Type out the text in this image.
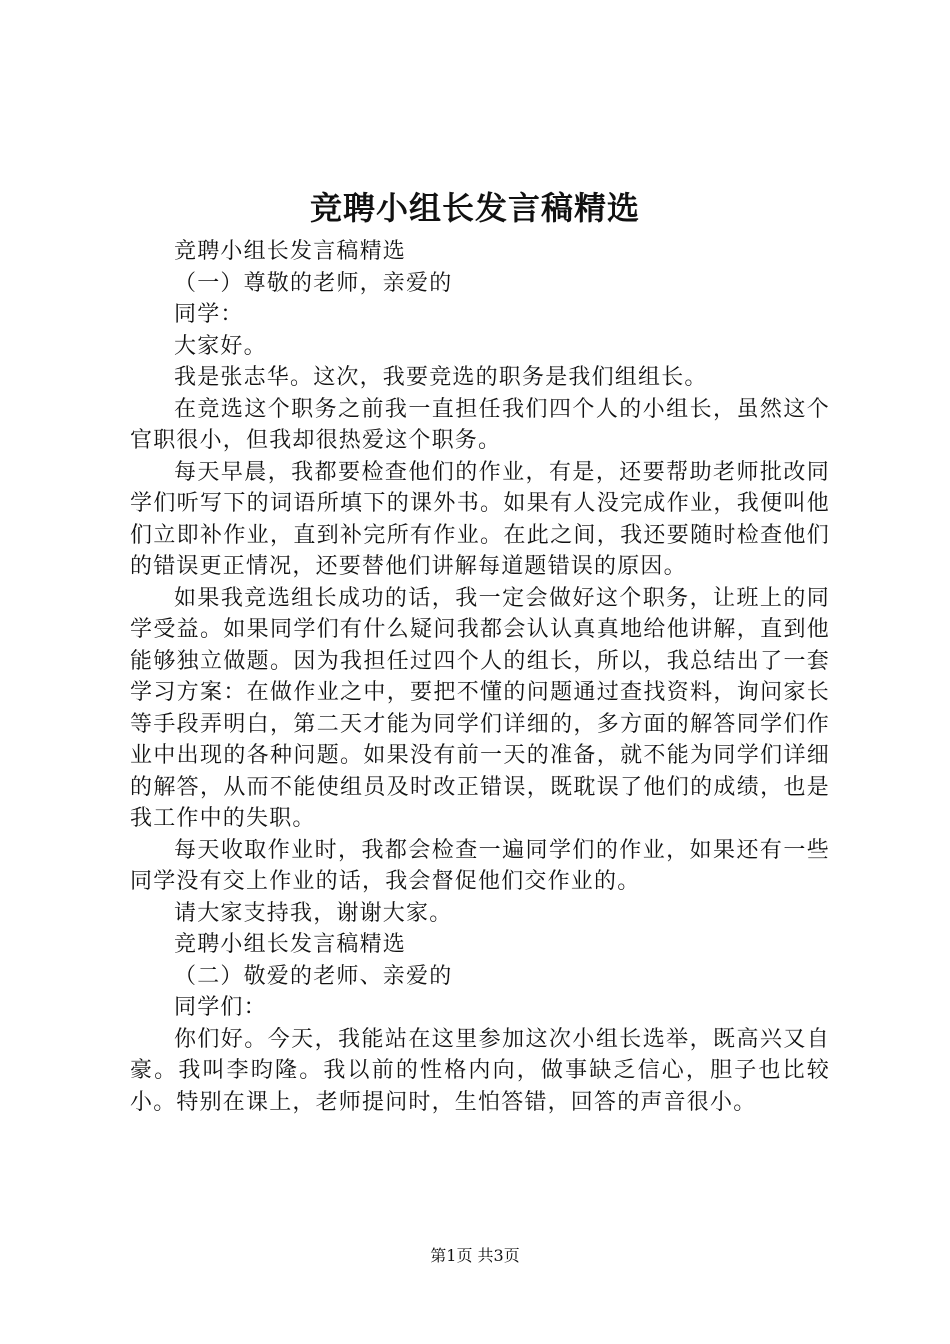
竞聘小组长发言稿精选

竞聘小组长发言稿精选

（一）尊敬的老师，亲爱的

同学：

大家好。

我是张志华。这次，我要竞选的职务是我们组组长。

在竞选这个职务之前我一直担任我们四个人的小组长，虽然这个官职很小，但我却很热爱这个职务。

每天早晨，我都要检查他们的作业，有是，还要帮助老师批改同学们听写下的词语所填下的课外书。如果有人没完成作业，我便叫他们立即补作业，直到补完所有作业。在此之间，我还要随时检查他们的错误更正情况，还要替他们讲解每道题错误的原因。

如果我竞选组长成功的话，我一定会做好这个职务，让班上的同学受益。如果同学们有什么疑问我都会认认真真地给他讲解，直到他能够独立做题。因为我担任过四个人的组长，所以，我总结出了一套学习方案：在做作业之中，要把不懂的问题通过查找资料，询问家长等手段弄明白，第二天才能为同学们详细的，多方面的解答同学们作业中出现的各种问题。如果没有前一天的准备，就不能为同学们详细的解答，从而不能使组员及时改正错误，既耽误了他们的成绩，也是我工作中的失职。

每天收取作业时，我都会检查一遍同学们的作业，如果还有一些同学没有交上作业的话，我会督促他们交作业的。

请大家支持我，谢谢大家。

竞聘小组长发言稿精选

（二）敬爱的老师、亲爱的

同学们：

你们好。今天，我能站在这里参加这次小组长选举，既高兴又自豪。我叫李昀隆。我以前的性格内向，做事缺乏信心，胆子也比较小。特别在课上，老师提问时，生怕答错，回答的声音很小。

第1页 共3页
